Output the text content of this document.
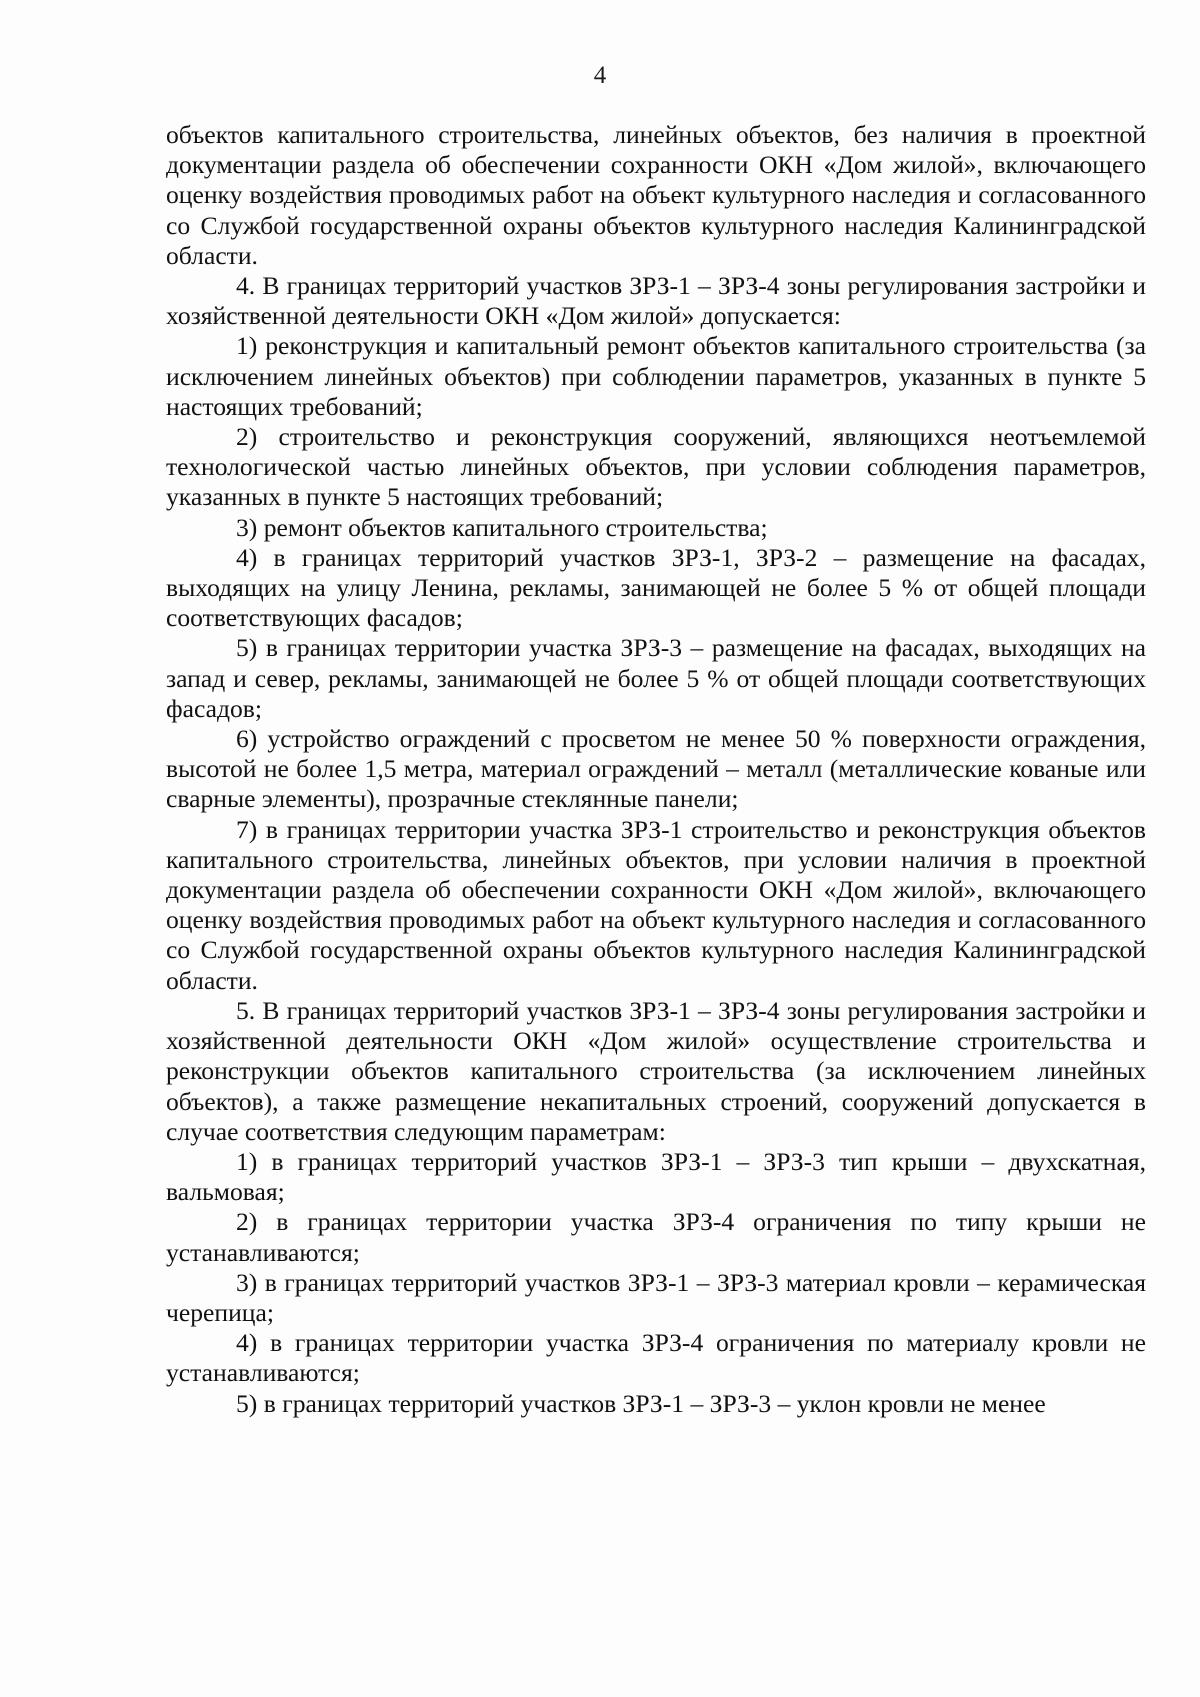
4

объектов капитального строительства, линейных объектов, без наличия в проектной документации раздела об обеспечении сохранности ОКН «Дом жилой», включающего оценку воздействия проводимых работ на объект культурного наследия и согласованного со Службой государственной охраны объектов культурного наследия Калининградской области.

4. В границах территорий участков ЗРЗ-1 – ЗРЗ-4 зоны регулирования застройки и хозяйственной деятельности ОКН «Дом жилой» допускается:

1) реконструкция и капитальный ремонт объектов капитального строительства (за исключением линейных объектов) при соблюдении параметров, указанных в пункте 5 настоящих требований;

2) строительство и реконструкция сооружений, являющихся неотъемлемой технологической частью линейных объектов, при условии соблюдения параметров, указанных в пункте 5 настоящих требований;

3) ремонт объектов капитального строительства;

4) в границах территорий участков ЗРЗ-1, ЗРЗ-2 – размещение на фасадах, выходящих на улицу Ленина, рекламы, занимающей не более 5 % от общей площади соответствующих фасадов;

5) в границах территории участка ЗРЗ-3 – размещение на фасадах, выходящих на запад и север, рекламы, занимающей не более 5 % от общей площади соответствующих фасадов;

6) устройство ограждений с просветом не менее 50 % поверхности ограждения, высотой не более 1,5 метра, материал ограждений – металл (металлические кованые или сварные элементы), прозрачные стеклянные панели;

7) в границах территории участка ЗРЗ-1 строительство и реконструкция объектов капитального строительства, линейных объектов, при условии наличия в проектной документации раздела об обеспечении сохранности ОКН «Дом жилой», включающего оценку воздействия проводимых работ на объект культурного наследия и согласованного со Службой государственной охраны объектов культурного наследия Калининградской области.

5. В границах территорий участков ЗРЗ-1 – ЗРЗ-4 зоны регулирования застройки и хозяйственной деятельности ОКН «Дом жилой» осуществление строительства и реконструкции объектов капитального строительства (за исключением линейных объектов), а также размещение некапитальных строений, сооружений допускается в случае соответствия следующим параметрам:

1) в границах территорий участков ЗРЗ-1 – ЗРЗ-3 тип крыши – двухскатная, вальмовая;

2) в границах территории участка ЗРЗ-4 ограничения по типу крыши не устанавливаются;

3) в границах территорий участков ЗРЗ-1 – ЗРЗ-3 материал кровли – керамическая черепица;

4) в границах территории участка ЗРЗ-4 ограничения по материалу кровли не устанавливаются;

5) в границах территорий участков ЗРЗ-1 – ЗРЗ-3 – уклон кровли не менее
